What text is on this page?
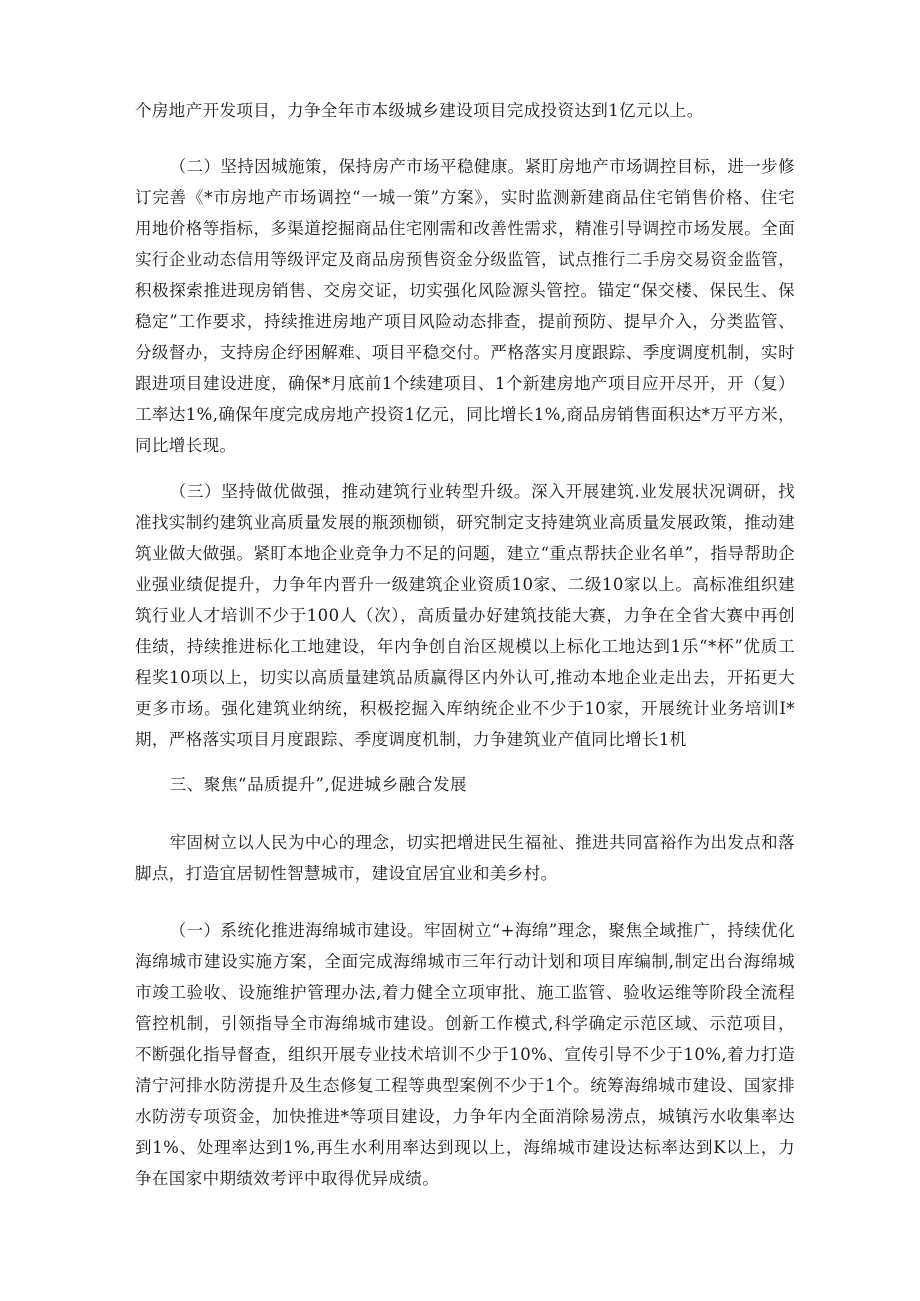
个房地产开发项目，力争全年市本级城乡建设项目完成投资达到1亿元以上。

（二）坚持因城施策，保持房产市场平稳健康。紧盯房地产市场调控目标，进一步修订完善《*市房地产市场调控“一城一策”方案》，实时监测新建商品住宅销售价格、住宅用地价格等指标，多渠道挖掘商品住宅刚需和改善性需求，精准引导调控市场发展。全面实行企业动态信用等级评定及商品房预售资金分级监管，试点推行二手房交易资金监管，积极探索推进现房销售、交房交证，切实强化风险源头管控。锚定“保交楼、保民生、保稳定”工作要求，持续推进房地产项目风险动态排查，提前预防、提早介入，分类监管、分级督办，支持房企纾困解难、项目平稳交付。严格落实月度跟踪、季度调度机制，实时跟进项目建设进度，确保*月底前1个续建项目、1个新建房地产项目应开尽开，开（复）工率达1%,确保年度完成房地产投资1亿元，同比增长1%,商品房销售面积达*万平方米，同比增长现。

（三）坚持做优做强，推动建筑行业转型升级。深入开展建筑.业发展状况调研，找准找实制约建筑业高质量发展的瓶颈枷锁，研究制定支持建筑业高质量发展政策，推动建筑业做大做强。紧盯本地企业竞争力不足的问题，建立“重点帮扶企业名单”，指导帮助企业强业绩促提升，力争年内晋升一级建筑企业资质10家、二级10家以上。高标准组织建筑行业人才培训不少于100人（次），高质量办好建筑技能大赛，力争在全省大赛中再创佳绩，持续推进标化工地建设，年内争创自治区规模以上标化工地达到1乐“*杯”优质工程奖10项以上，切实以高质量建筑品质赢得区内外认可,推动本地企业走出去，开拓更大更多市场。强化建筑业纳统，积极挖掘入库纳统企业不少于10家，开展统计业务培训I*期，严格落实项目月度跟踪、季度调度机制，力争建筑业产值同比增长1机

三、聚焦“品质提升”,促进城乡融合发展

牢固树立以人民为中心的理念，切实把增进民生福祉、推进共同富裕作为出发点和落脚点，打造宜居韧性智慧城市，建设宜居宜业和美乡村。

（一）系统化推进海绵城市建设。牢固树立“+海绵”理念，聚焦全域推广，持续优化海绵城市建设实施方案，全面完成海绵城市三年行动计划和项目库编制,制定出台海绵城市竣工验收、设施维护管理办法,着力健全立项审批、施工监管、验收运维等阶段全流程管控机制，引领指导全市海绵城市建设。创新工作模式,科学确定示范区域、示范项目，不断强化指导督查，组织开展专业技术培训不少于10%、宣传引导不少于10%,着力打造清宁河排水防涝提升及生态修复工程等典型案例不少于1个。统筹海绵城市建设、国家排水防涝专项资金，加快推进*等项目建设，力争年内全面消除易涝点，城镇污水收集率达到1%、处理率达到1%,再生水利用率达到现以上，海绵城市建设达标率达到K以上，力争在国家中期绩效考评中取得优异成绩。
